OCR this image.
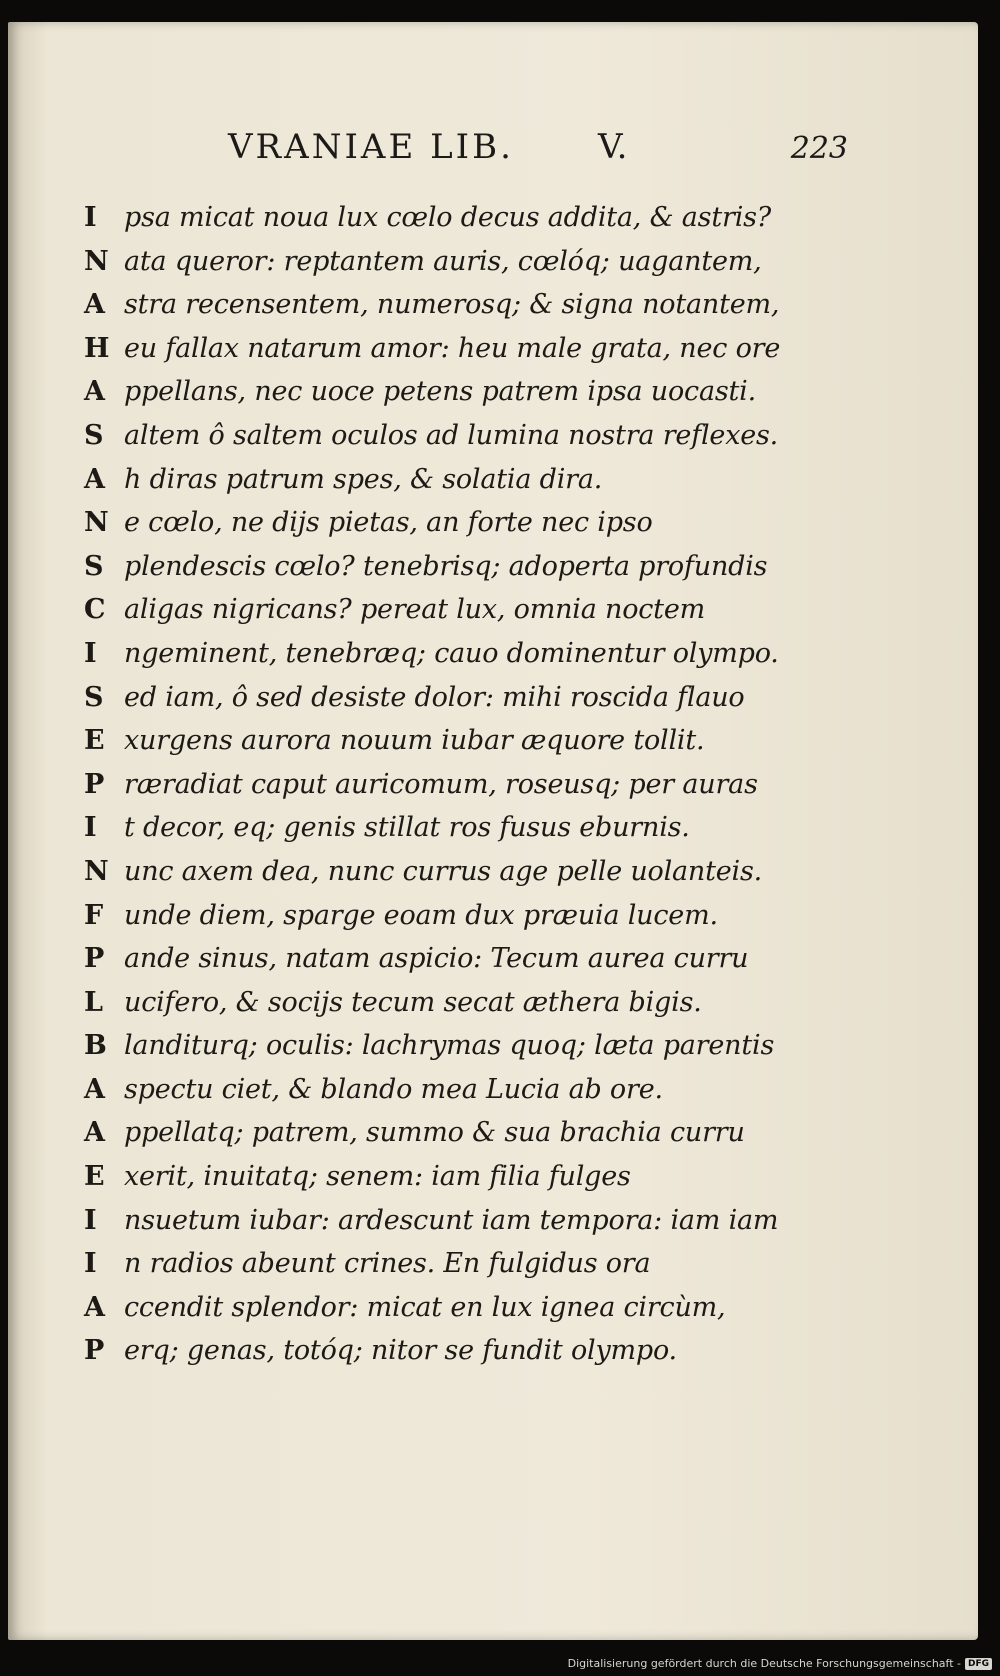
VRANIAE LIB. V.	223
I	psa micat noua lux cœlo decus addita, & astris?
N ata queror: reptantem auris, cœlóq; uagantem,
A stra recensentem, numerosq; & signa notantem,
H eu fallax natarum amor: heu male grata, nec ore
A ppellans, nec uoce petens patrem ipsa uocasti.
S altem ô saltem oculos ad lumina nostra reflexes.
A h diras patrum spes, & solatia dira.
N e cœlo, ne dijs pietas, an forte nec ipso
S plendescis cœlo? tenebrisq; adoperta profundis
C aligas nigricans? pereat lux, omnia noctem
I	ngeminent, tenebræq; cauo dominentur olympo.
S ed iam, ô sed desiste dolor: mihi roscida flauo
E xurgens aurora nouum iubar æquore tollit.
P ræradiat caput auricomum, roseusq; per auras
I	t decor, eq; genis stillat ros fusus eburnis.
N unc axem dea, nunc currus age pelle uolanteis.
F unde diem, sparge eoam dux præuia lucem.
P ande sinus, natam aspicio: Tecum aurea curru
L ucifero, & socijs tecum secat æthera bigis.
B landiturq; oculis: lachrymas quoq; læta parentis
A spectu ciet, & blando mea Lucia ab ore.
A ppellatq; patrem, summo & sua brachia curru
E xerit, inuitatq; senem: iam filia fulges
I	nsuetum iubar: ardescunt iam tempora: iam iam
I	n radios abeunt crines. En fulgidus ora
A ccendit splendor: micat en lux ignea circùm,
P erq; genas, totóq; nitor se fundit olympo.
Digitalisierung gefördert durch die Deutsche Forschungsgemeinschaft - DFG
